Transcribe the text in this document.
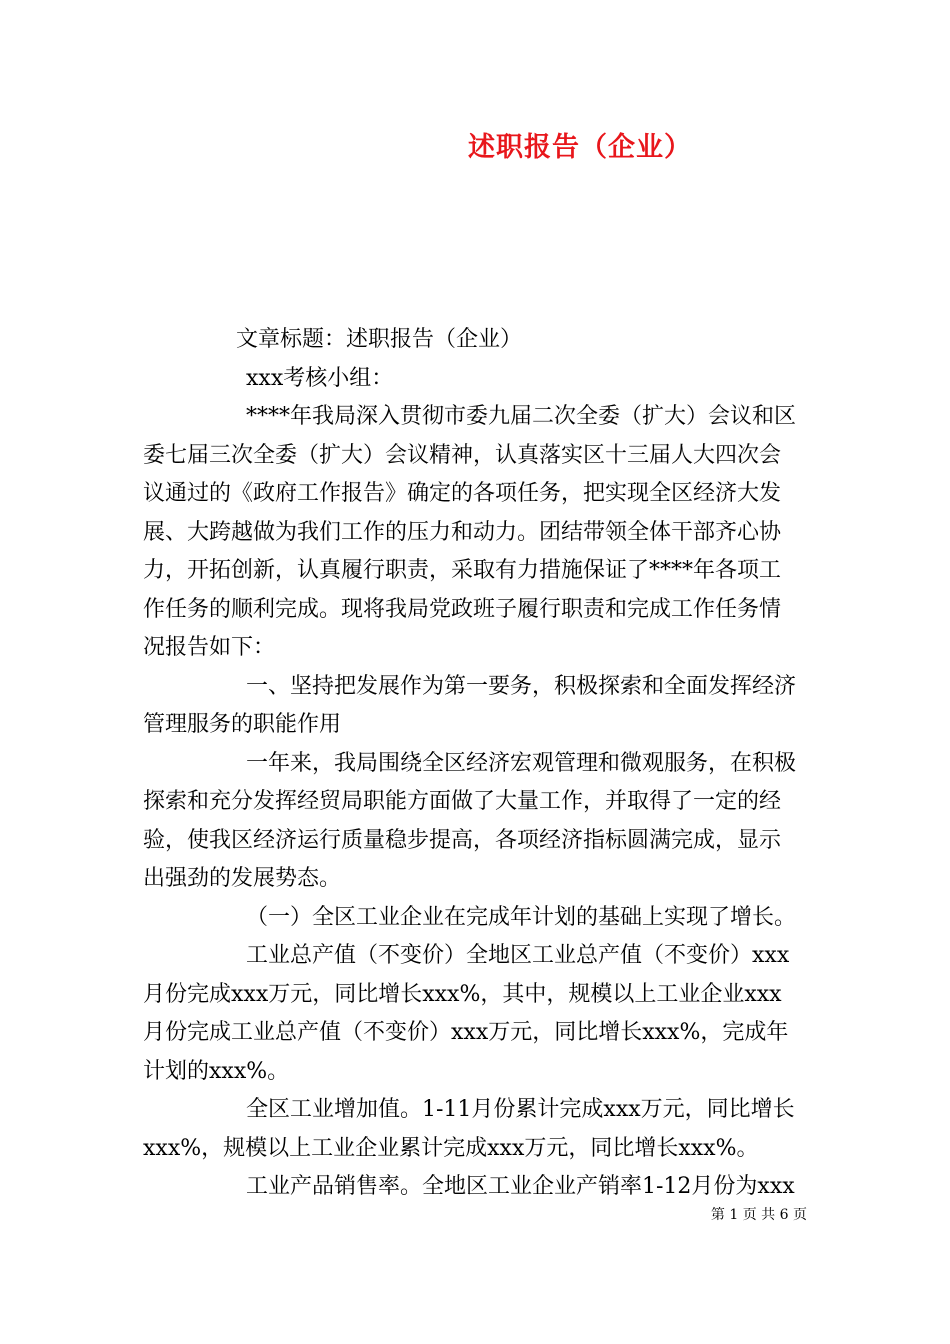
述职报告（企业）
文章标题：述职报告（企业）
xxx考核小组：
****年我局深入贯彻市委九届二次全委（扩大）会议和区
委七届三次全委（扩大）会议精神，认真落实区十三届人大四次会
议通过的《政府工作报告》确定的各项任务，把实现全区经济大发
展、大跨越做为我们工作的压力和动力。团结带领全体干部齐心协
力，开拓创新，认真履行职责，采取有力措施保证了****年各项工
作任务的顺利完成。现将我局党政班子履行职责和完成工作任务情
况报告如下：
一、坚持把发展作为第一要务，积极探索和全面发挥经济
管理服务的职能作用
一年来，我局围绕全区经济宏观管理和微观服务，在积极
探索和充分发挥经贸局职能方面做了大量工作，并取得了一定的经
验，使我区经济运行质量稳步提高，各项经济指标圆满完成，显示
出强劲的发展势态。
（一）全区工业企业在完成年计划的基础上实现了增长。
工业总产值（不变价）全地区工业总产值（不变价）xxx
月份完成xxx万元，同比增长xxx%，其中，规模以上工业企业xxx
月份完成工业总产值（不变价）xxx万元，同比增长xxx%，完成年
计划的xxx%。
全区工业增加值。1-11月份累计完成xxx万元，同比增长
xxx%，规模以上工业企业累计完成xxx万元，同比增长xxx%。
工业产品销售率。全地区工业企业产销率1-12月份为xxx
第 1 页 共 6 页
